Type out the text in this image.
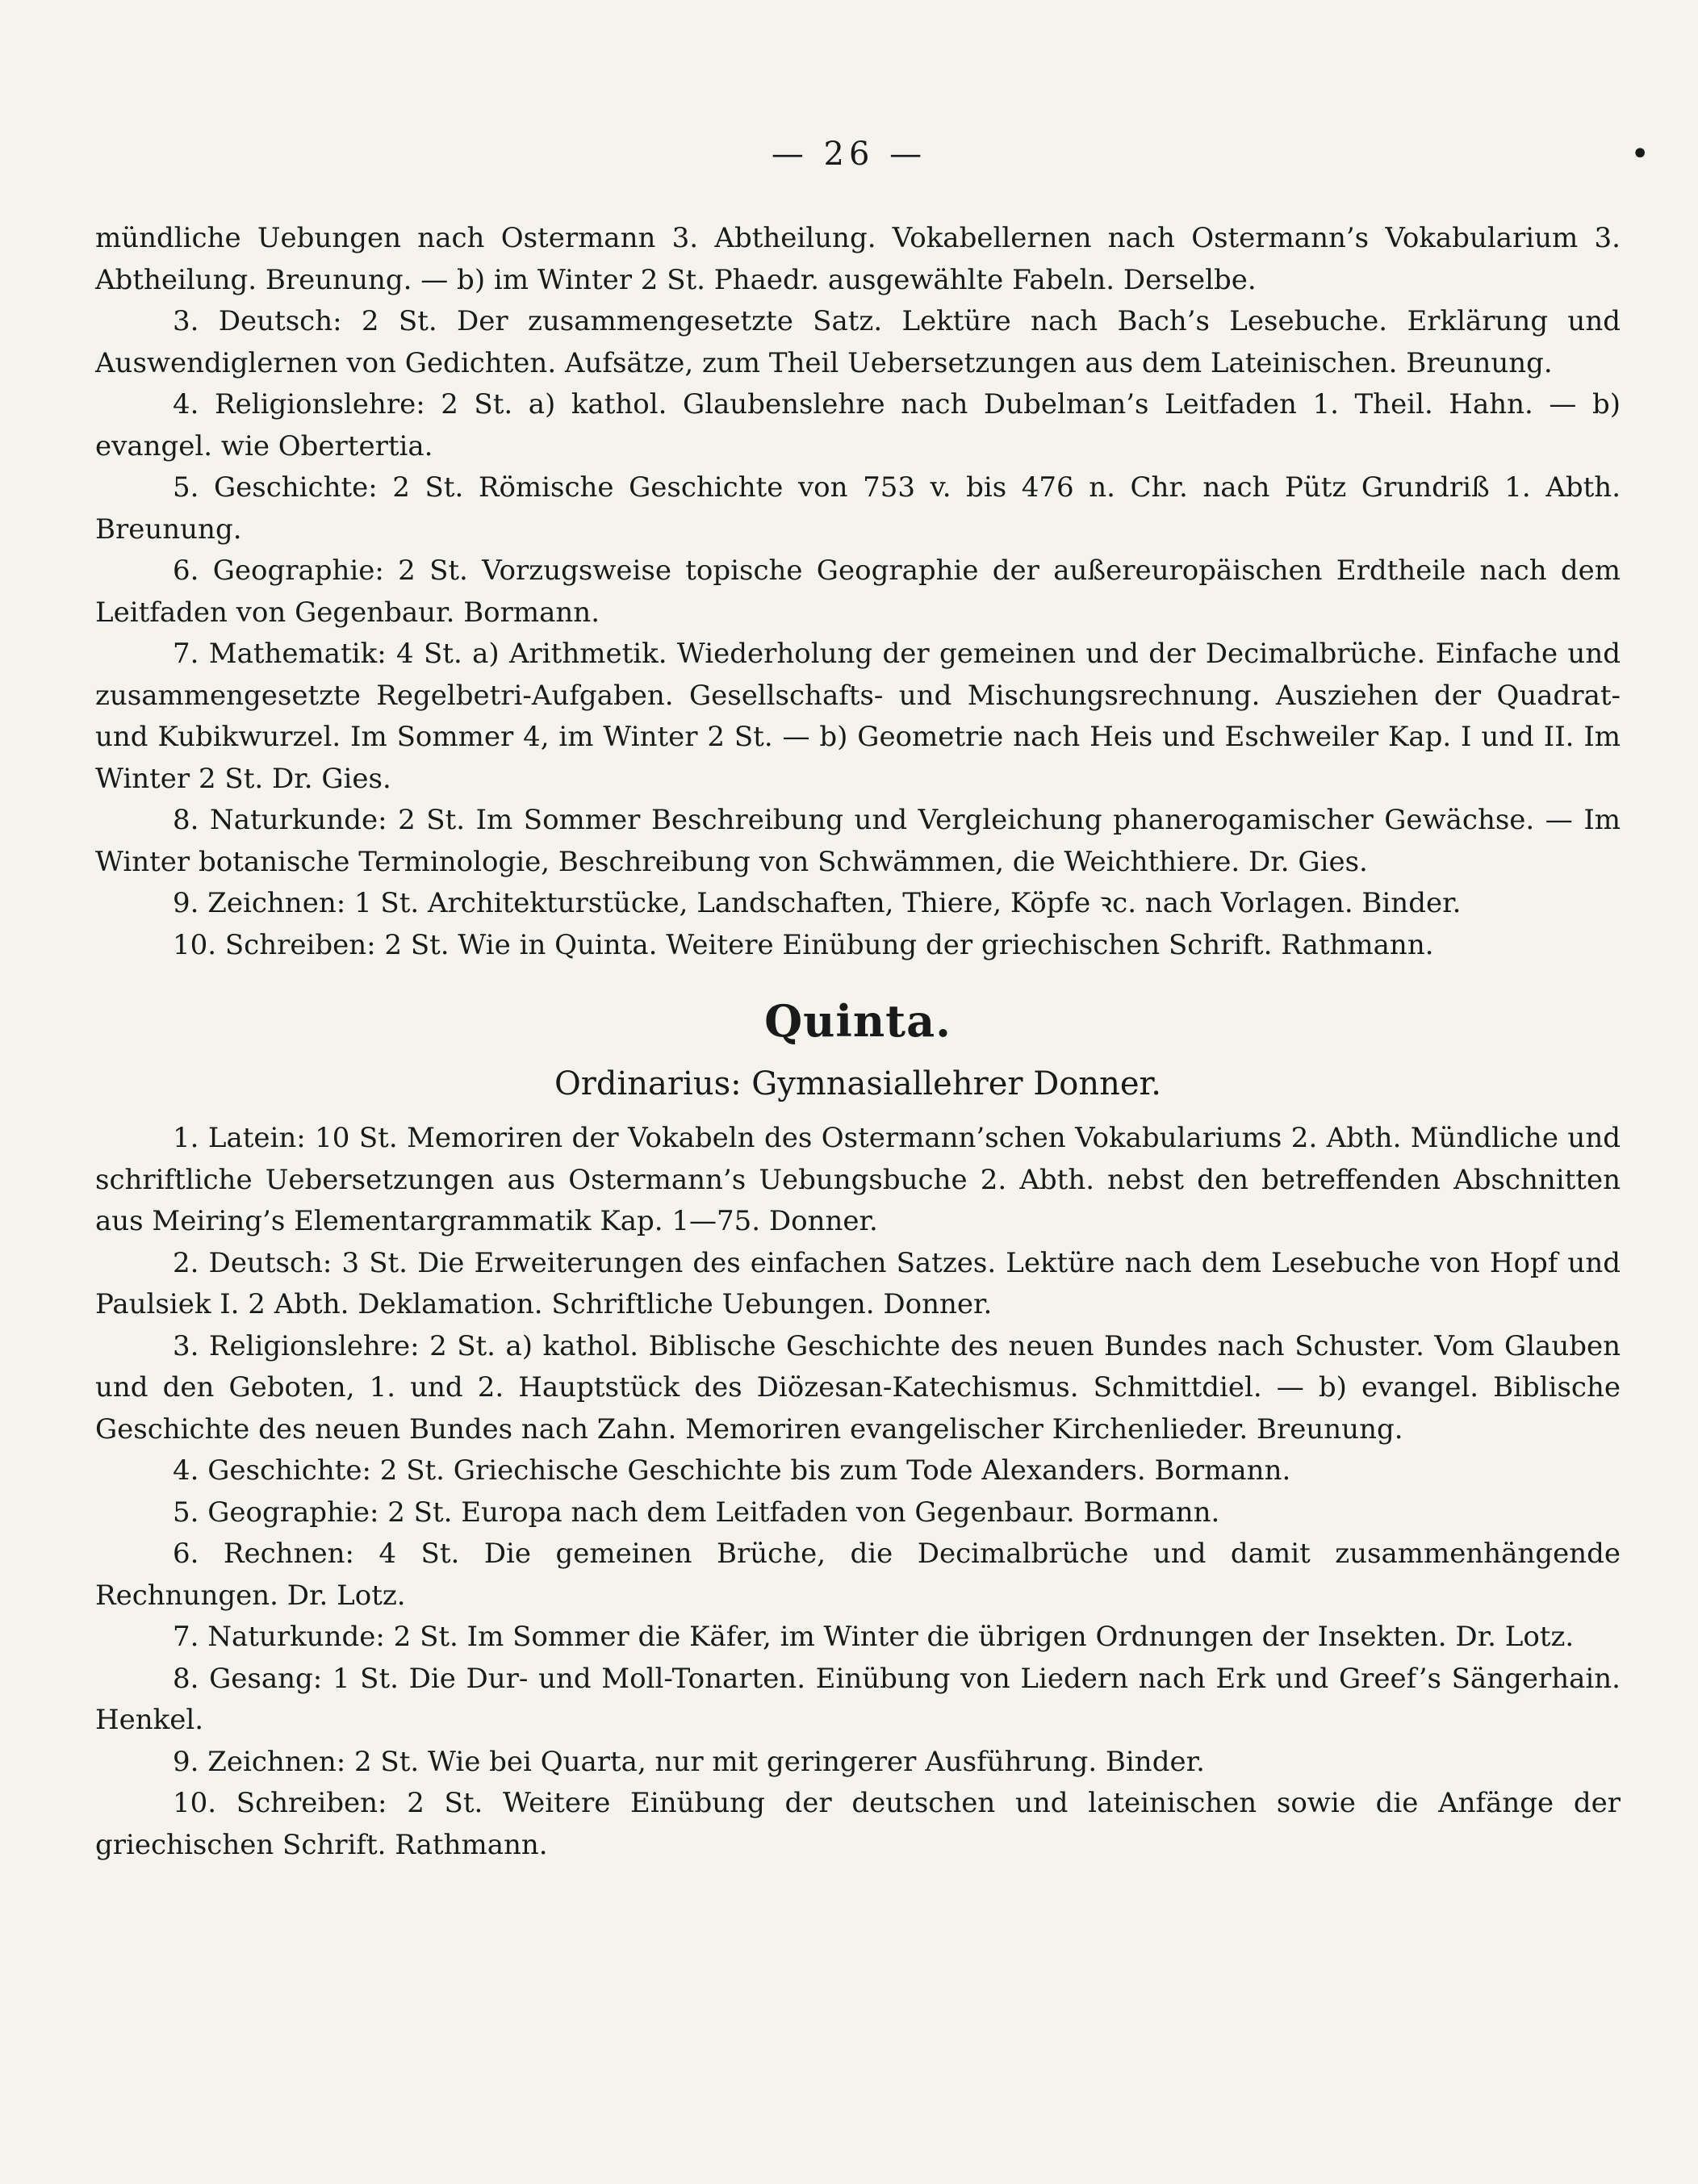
— 26 —	•

mündliche Uebungen nach Ostermann 3. Abtheilung. Vokabellernen nach Ostermann’s Vokabularium 3. Abtheilung. Breunung. — b) im Winter 2 St. Phaedr. ausgewählte Fabeln. Derselbe.

3. Deutsch: 2 St. Der zusammengesetzte Satz. Lektüre nach Bach’s Lesebuche. Erklärung und Auswendiglernen von Gedichten. Aufsätze, zum Theil Uebersetzungen aus dem Lateinischen. Breunung.

4. Religionslehre: 2 St. a) kathol. Glaubenslehre nach Dubelman’s Leitfaden 1. Theil. Hahn. — b) evangel. wie Obertertia.

5. Geschichte: 2 St. Römische Geschichte von 753 v. bis 476 n. Chr. nach Pütz Grundriß 1. Abth. Breunung.

6. Geographie: 2 St. Vorzugsweise topische Geographie der außereuropäischen Erdtheile nach dem Leitfaden von Gegenbaur. Bormann.

7. Mathematik: 4 St. a) Arithmetik. Wiederholung der gemeinen und der Decimalbrüche. Einfache und zusammengesetzte Regelbetri-Aufgaben. Gesellschafts- und Mischungsrechnung. Ausziehen der Quadrat- und Kubikwurzel. Im Sommer 4, im Winter 2 St. — b) Geometrie nach Heis und Eschweiler Kap. I und II. Im Winter 2 St. Dr. Gies.

8. Naturkunde: 2 St. Im Sommer Beschreibung und Vergleichung phanerogamischer Gewächse. — Im Winter botanische Terminologie, Beschreibung von Schwämmen, die Weichthiere. Dr. Gies.

9. Zeichnen: 1 St. Architekturstücke, Landschaften, Thiere, Köpfe ꝛc. nach Vorlagen. Binder.

10. Schreiben: 2 St. Wie in Quinta. Weitere Einübung der griechischen Schrift. Rathmann.

Quinta.
Ordinarius: Gymnasiallehrer Donner.

1. Latein: 10 St. Memoriren der Vokabeln des Ostermann’schen Vokabulariums 2. Abth. Mündliche und schriftliche Uebersetzungen aus Ostermann’s Uebungsbuche 2. Abth. nebst den betreffenden Abschnitten aus Meiring’s Elementargrammatik Kap. 1—75. Donner.

2. Deutsch: 3 St. Die Erweiterungen des einfachen Satzes. Lektüre nach dem Lesebuche von Hopf und Paulsiek I. 2 Abth. Deklamation. Schriftliche Uebungen. Donner.

3. Religionslehre: 2 St. a) kathol. Biblische Geschichte des neuen Bundes nach Schuster. Vom Glauben und den Geboten, 1. und 2. Hauptstück des Diözesan-Katechismus. Schmittdiel. — b) evangel. Biblische Geschichte des neuen Bundes nach Zahn. Memoriren evangelischer Kirchenlieder. Breunung.

4. Geschichte: 2 St. Griechische Geschichte bis zum Tode Alexanders. Bormann.

5. Geographie: 2 St. Europa nach dem Leitfaden von Gegenbaur. Bormann.

6. Rechnen: 4 St. Die gemeinen Brüche, die Decimalbrüche und damit zusammenhängende Rechnungen. Dr. Lotz.

7. Naturkunde: 2 St. Im Sommer die Käfer, im Winter die übrigen Ordnungen der Insekten. Dr. Lotz.

8. Gesang: 1 St. Die Dur- und Moll-Tonarten. Einübung von Liedern nach Erk und Greef’s Sängerhain. Henkel.

9. Zeichnen: 2 St. Wie bei Quarta, nur mit geringerer Ausführung. Binder.

10. Schreiben: 2 St. Weitere Einübung der deutschen und lateinischen sowie die Anfänge der griechischen Schrift. Rathmann.
